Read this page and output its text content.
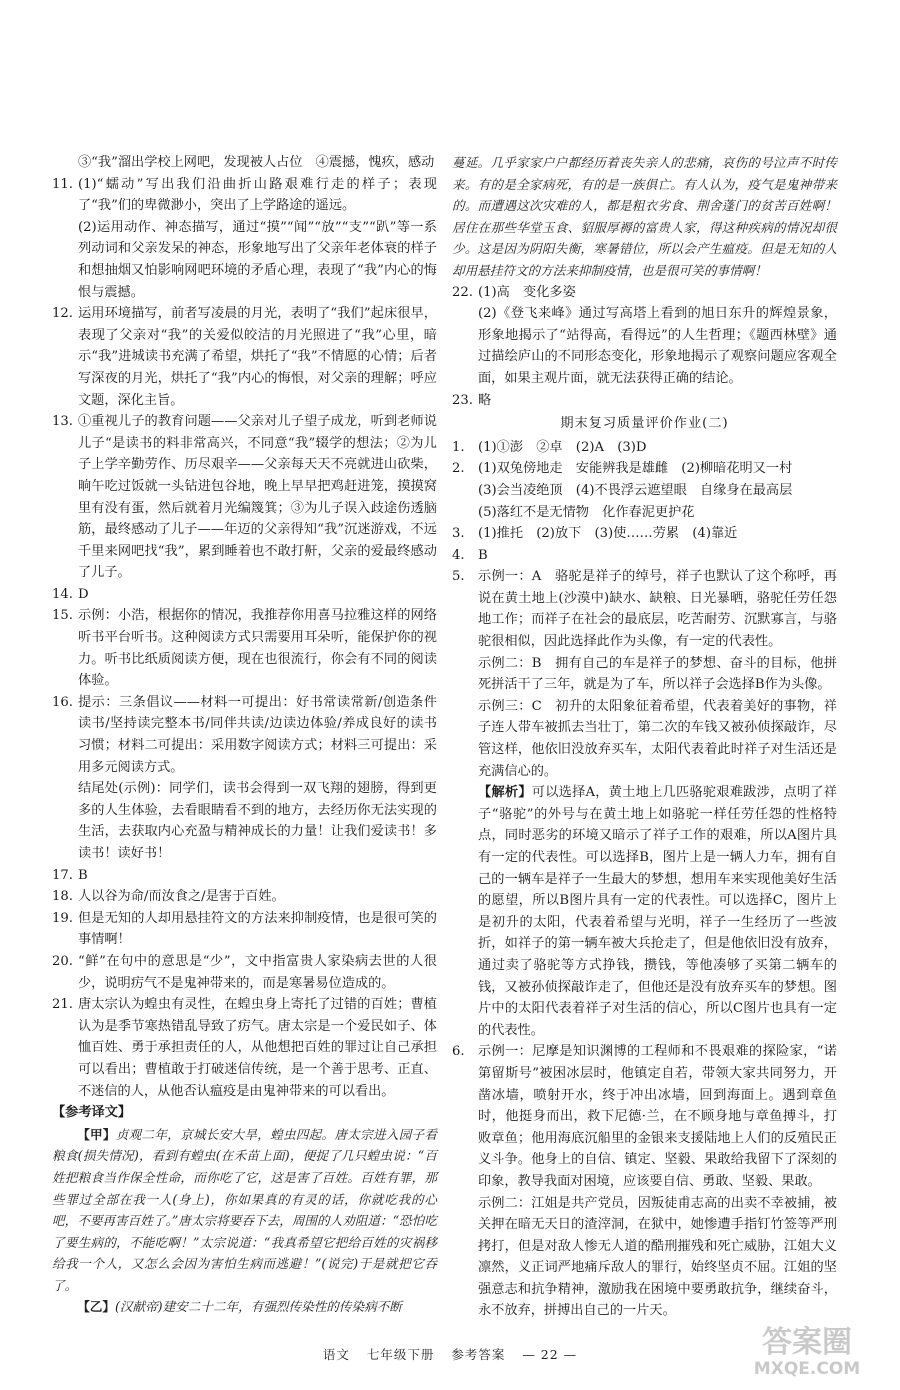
③“我”溜出学校上网吧，发现被人占位　④震撼，愧疚，感动

11. (1)“蠕动”写出我们沿曲折山路艰难行走的样子；表现了“我”们的卑微渺小，突出了上学路途的遥远。

(2)运用动作、神态描写，通过“摸”“闻”“放”“支”“趴”等一系列动词和父亲发呆的神态，形象地写出了父亲年老体衰的样子和想抽烟又怕影响网吧环境的矛盾心理，表现了“我”内心的悔恨与震撼。

12. 运用环境描写，前者写凌晨的月光，表明了“我们”起床很早，表现了父亲对“我”的关爱似皎洁的月光照进了“我”心里，暗示“我”进城读书充满了希望，烘托了“我”不情愿的心情；后者写深夜的月光，烘托了“我”内心的悔恨，对父亲的理解；呼应文题，深化主旨。

13. ①重视儿子的教育问题——父亲对儿子望子成龙，听到老师说儿子“是读书的料非常高兴，不同意“我”辍学的想法；②为儿子上学辛勤劳作、历尽艰辛——父亲每天天不亮就进山砍柴，晌午吃过饭就一头钻进包谷地，晚上早早把鸡赶进笼，摸摸窝里有没有蛋，然后就着月光编篾箕；③为儿子误入歧途伤透脑筋，最终感动了儿子——年迈的父亲得知“我”沉迷游戏，不远千里来网吧找“我”，累到睡着也不敢打鼾，父亲的爱最终感动了儿子。

14. D

15. 示例：小浩，根据你的情况，我推荐你用喜马拉雅这样的网络听书平台听书。这种阅读方式只需要用耳朵听，能保护你的视力。听书比纸质阅读方便，现在也很流行，你会有不同的阅读体验。

16. 提示：三条倡议——材料一可提出：好书常读常新/创造条件读书/坚持读完整本书/同伴共读/边读边体验/养成良好的读书习惯；材料二可提出：采用数字阅读方式；材料三可提出：采用多元阅读方式。

结尾处(示例)：同学们，读书会得到一双飞翔的翅膀，得到更多的人生体验，去看眼睛看不到的地方，去经历你无法实现的生活，去获取内心充盈与精神成长的力量！让我们爱读书！多读书！读好书！

17. B

18. 人以谷为命/而汝食之/是害于百姓。

19. 但是无知的人却用悬挂符文的方法来抑制疫情，也是很可笑的事情啊！

20. “鲜”在句中的意思是“少”，文中指富贵人家染病去世的人很少，说明疠气不是鬼神带来的，而是寒暑易位造成的。

21. 唐太宗认为蝗虫有灵性，在蝗虫身上寄托了过错的百姓；曹植认为是季节寒热错乱导致了疠气。唐太宗是一个爱民如子、体恤百姓、勇于承担责任的人，从他想把百姓的罪过让自己承担可以看出；曹植敢于打破迷信传统，是一个善于思考、正直、不迷信的人，从他否认瘟疫是由鬼神带来的可以看出。

【参考译文】

【甲】贞观二年，京城长安大旱，蝗虫四起。唐太宗进入园子看粮食(损失情况)，看到有蝗虫(在禾苗上面)，便捉了几只蝗虫说：“百姓把粮食当作保全性命，而你吃了它，这是害了百姓。百姓有罪，那些罪过全部在我一人(身上)，你如果真的有灵的话，你就吃我的心吧，不要再害百姓了。”唐太宗将要吞下去，周围的人劝阻道：“恐怕吃了要生病的，不能吃啊！”太宗说道：“我真希望它把给百姓的灾祸移给我一个人，又怎么会因为害怕生病而逃避！”(说完)于是就把它吞了。

【乙】(汉献帝)建安二十二年，有强烈传染性的传染病不断

蔓延。几乎家家户户都经历着丧失亲人的悲痛，哀伤的号泣声不时传来。有的是全家病死，有的是一族俱亡。有人认为，疫气是鬼神带来的。而遭遇这次灾难的人，都是粗衣劣食、荆舍蓬门的贫苦百姓啊！居住在那些华堂玉食、貂服厚褥的富贵人家，得这种疾病的情况却很少。这是因为阴阳失衡，寒暑错位，所以会产生瘟疫。但是无知的人却用悬挂符文的方法来抑制疫情，也是很可笑的事情啊！

22. (1)高　变化多姿

(2)《登飞来峰》通过写高塔上看到的旭日东升的辉煌景象，形象地揭示了“站得高，看得远”的人生哲理；《题西林壁》通过描绘庐山的不同形态变化，形象地揭示了观察问题应客观全面，如果主观片面，就无法获得正确的结论。

23. 略

期末复习质量评价作业(二)

1. (1)①澎　②卓　(2)A　(3)D

2. (1)双兔傍地走　安能辨我是雄雌　(2)柳暗花明又一村

(3)会当凌绝顶　(4)不畏浮云遮望眼　自缘身在最高层

(5)落红不是无情物　化作春泥更护花

3. (1)推托　(2)放下　(3)使……劳累　(4)靠近

4. B

5. 示例一：A　骆驼是祥子的绰号，祥子也默认了这个称呼，再说在黄土地上(沙漠中)缺水、缺粮、日光暴晒，骆驼任劳任怨地工作；而祥子在社会的最底层，吃苦耐劳、沉默寡言，与骆驼很相似，因此选择此作为头像，有一定的代表性。

示例二：B　拥有自己的车是祥子的梦想、奋斗的目标，他拼死拼活干了三年，就是为了车，所以祥子会选择B作为头像。

示例三：C　初升的太阳象征着希望，代表着美好的事物，祥子连人带车被抓去当壮丁，第二次的车钱又被孙侦探敲诈，尽管这样，他依旧没放弃买车，太阳代表着此时祥子对生活还是充满信心的。

【解析】可以选择A，黄土地上几匹骆驼艰难跋涉，点明了祥子“骆驼”的外号与在黄土地上如骆驼一样任劳任怨的性格特点，同时恶劣的环境又暗示了祥子工作的艰难，所以A图片具有一定的代表性。可以选择B，图片上是一辆人力车，拥有自己的一辆车是祥子一生最大的梦想，想用车来实现他美好生活的愿望，所以B图片具有一定的代表性。可以选择C，图片上是初升的太阳，代表着希望与光明，祥子一生经历了一些波折，如祥子的第一辆车被大兵抢走了，但是他依旧没有放弃，通过卖了骆驼等方式挣钱，攒钱，等他凑够了买第二辆车的钱，又被孙侦探敲诈走了，但他还是没有放弃买车的梦想。图片中的太阳代表着祥子对生活的信心，所以C图片也具有一定的代表性。

6. 示例一：尼摩是知识渊博的工程师和不畏艰难的探险家，“诺第留斯号”被困冰层时，他镇定自若，带领大家共同努力，开凿冰墙，喷射开水，终于冲出冰墙，回到海面上。遇到章鱼时，他挺身而出，救下尼德·兰，在不顾身地与章鱼搏斗，打败章鱼；他用海底沉船里的金银来支援陆地上人们的反殖民正义斗争。他身上的自信、镇定、坚毅、果敢给我留下了深刻的印象，教导我面对困境，应该要自信、勇敢、坚毅、果敢。

示例二：江姐是共产党员，因叛徒甫志高的出卖不幸被捕，被关押在暗无天日的渣滓洞，在狱中，她惨遭手指钉竹签等严刑拷打，但是对敌人惨无人道的酷刑摧残和死亡威胁，江姐大义凛然，义正词严地痛斥敌人的罪行，始终坚贞不屈。江姐的坚强意志和抗争精神，激励我在困境中要勇敢抗争，继续奋斗，永不放弃，拼搏出自己的一片天。

语文 七年级下册 参考答案 — 22 —	答案圈
MXQE.COM
